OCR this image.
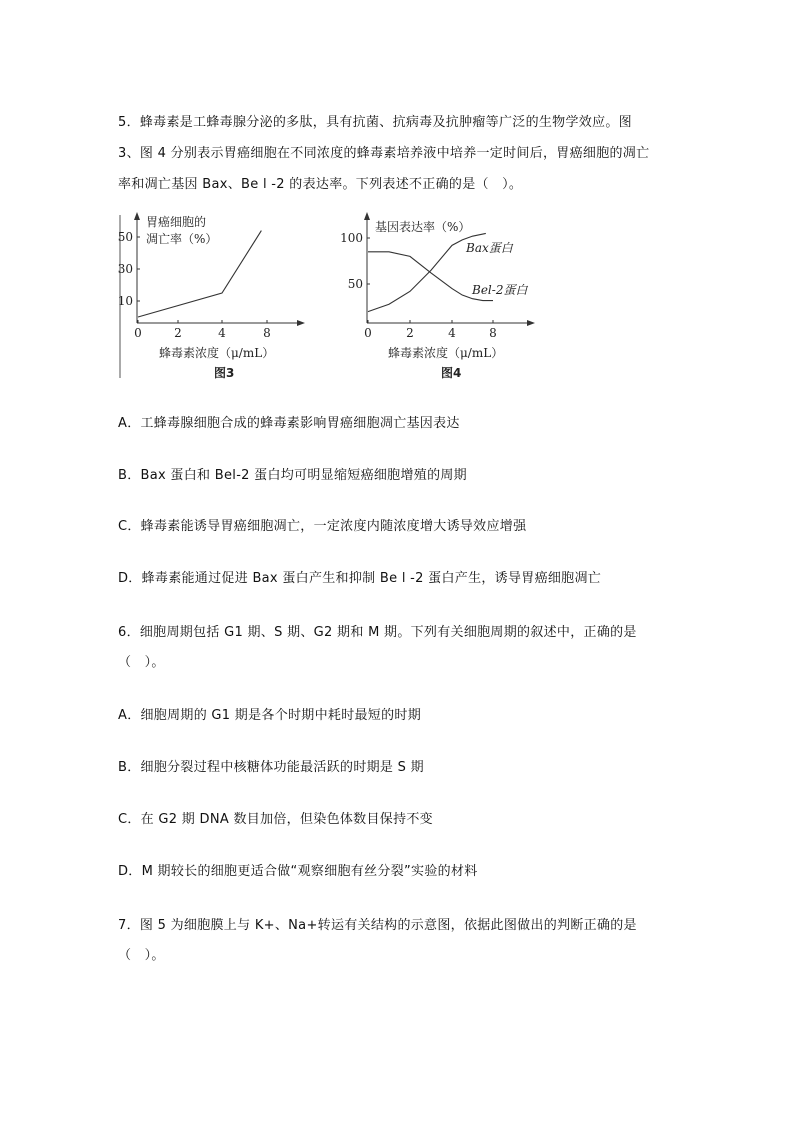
5．蜂毒素是工蜂毒腺分泌的多肽，具有抗菌、抗病毒及抗肿瘤等广泛的生物学效应。图
3、图 4 分别表示胃癌细胞在不同浓度的蜂毒素培养液中培养一定时间后，胃癌细胞的凋亡
率和凋亡基因 Bax、Be l -2 的表达率。下列表述不正确的是（　）。
胃癌细胞的
凋亡率（%）
蜂毒素浓度（μ/mL）
图3
0	2	4	8
10
30
50
基因表达率（%）
蜂毒素浓度（μ/mL）
图4
Bax蛋白
Bel-2蛋白
0	2	4	8
50
100
A．工蜂毒腺细胞合成的蜂毒素影响胃癌细胞凋亡基因表达
B．Bax 蛋白和 Bel-2 蛋白均可明显缩短癌细胞增殖的周期
C．蜂毒素能诱导胃癌细胞凋亡，一定浓度内随浓度增大诱导效应增强
D．蜂毒素能通过促进 Bax 蛋白产生和抑制 Be l -2 蛋白产生，诱导胃癌细胞凋亡
6．细胞周期包括 G1 期、S 期、G2 期和 M 期。下列有关细胞周期的叙述中，正确的是
（　）。
A．细胞周期的 G1 期是各个时期中耗时最短的时期
B．细胞分裂过程中核糖体功能最活跃的时期是 S 期
C．在 G2 期 DNA 数目加倍，但染色体数目保持不变
D．M 期较长的细胞更适合做“观察细胞有丝分裂”实验的材料
7．图 5 为细胞膜上与 K+、Na+转运有关结构的示意图，依据此图做出的判断正确的是
（　）。
